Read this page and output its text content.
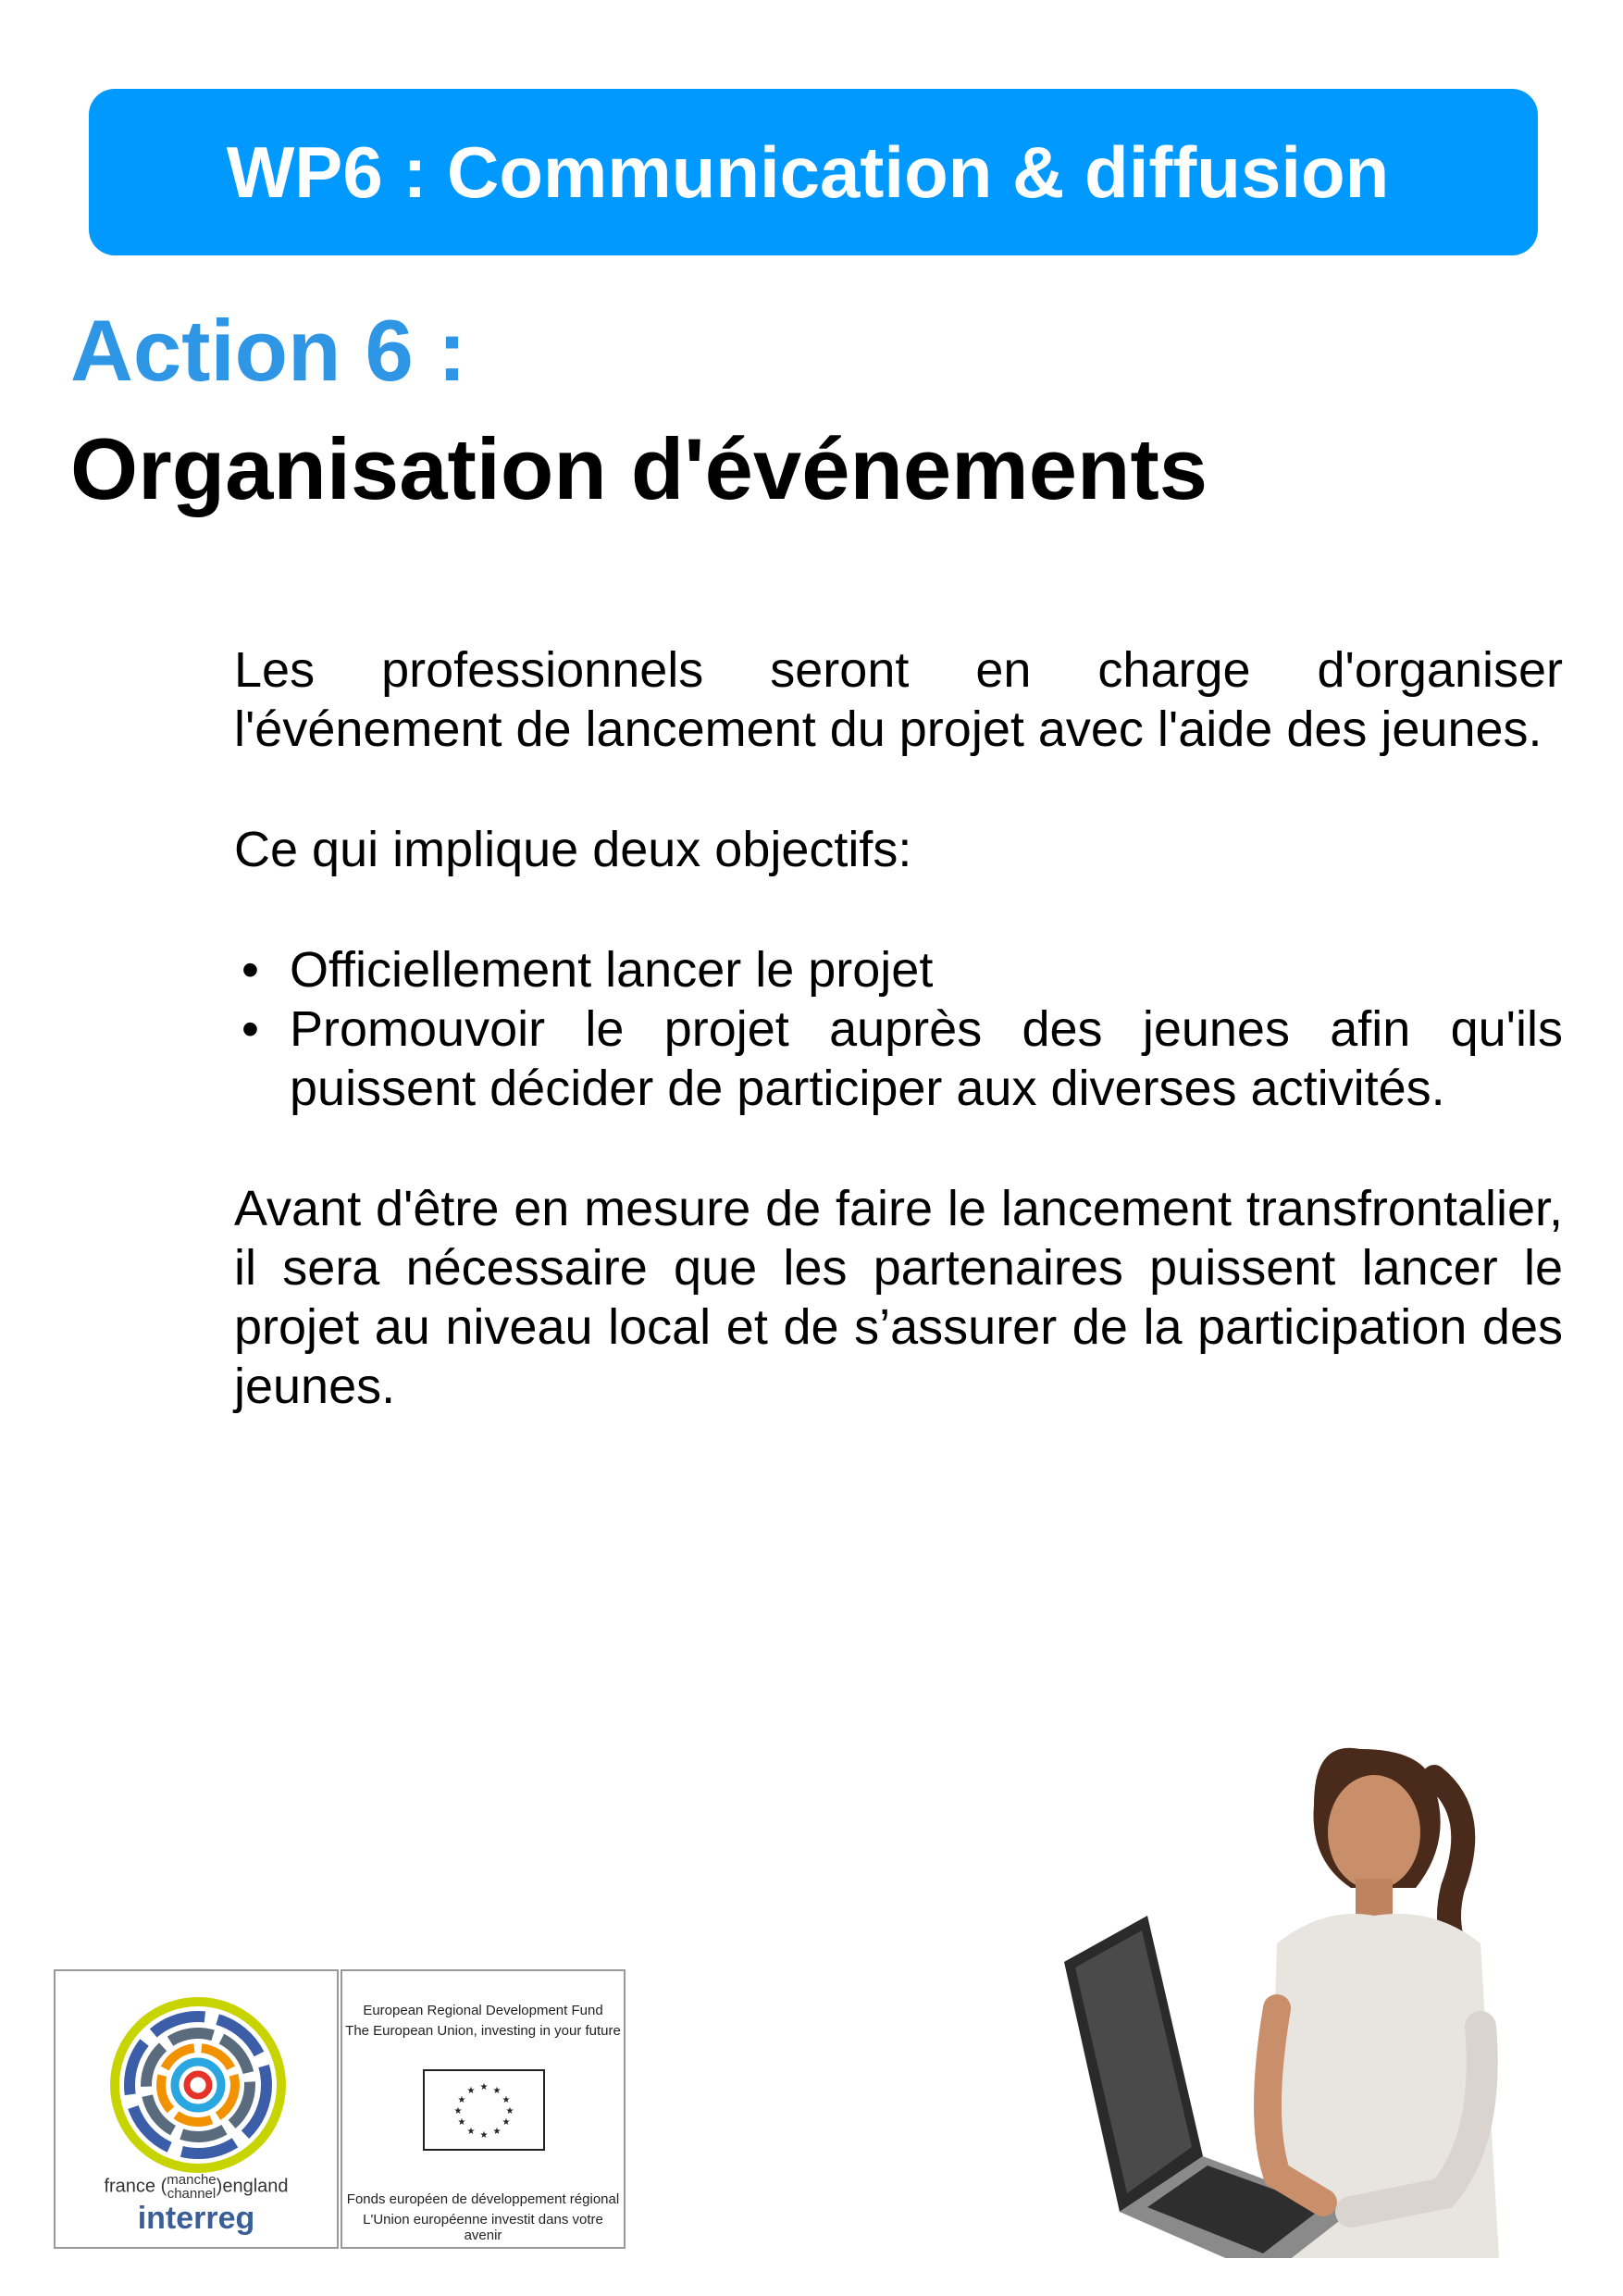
WP6 : Communication & diffusion
Action 6 :
Organisation d'événements

Les professionnels seront en charge d'organiser l'événement de lancement du projet avec l'aide des jeunes.

Ce qui implique deux objectifs:

• Officiellement lancer le projet
• Promouvoir le projet auprès des jeunes afin qu'ils puissent décider de participer aux diverses activités.

Avant d'être en mesure de faire le lancement transfrontalier, il sera nécessaire que les partenaires puissent lancer le projet au niveau local et de s’assurer de la participation des jeunes.

france (manche
channel)england
interreg
European Regional Development Fund
The European Union, investing in your future
★ ★
★
★
★
★
★
★
★
★
★
★
Fonds européen de développement régional
L'Union européenne investit dans votre avenir
